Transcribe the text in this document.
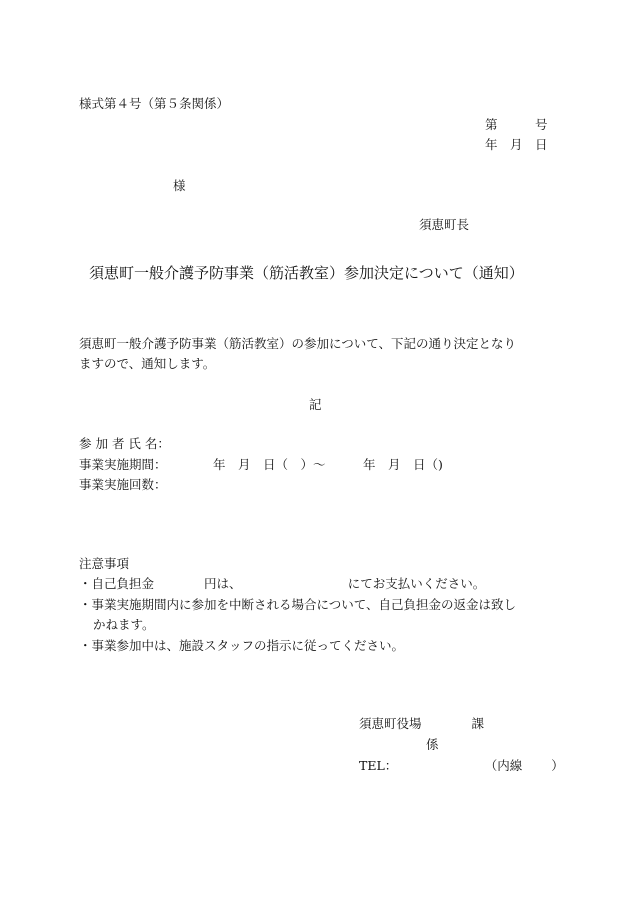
様式第４号（第５条関係）
第　　　号
年　月　日
様
須恵町長
須恵町一般介護予防事業（筋活教室）参加決定について（通知）
須恵町一般介護予防事業（筋活教室）の参加について、下記の通り決定となり
ますので、通知します。
記
参 加 者 氏 名：
事業実施期間：	年　月　日（　）～　　　年　月　日（)
事業実施回数：
注意事項
・自己負担金　　　　円は、　　　　　　　　　にてお支払いください。
・事業実施期間内に参加を中断される場合について、自己負担金の返金は致し
かねます。
・事業参加中は、施設スタッフの指示に従ってください。
須恵町役場　　　　課
係
TEL：　　　　　　　　（内線　　 ）
